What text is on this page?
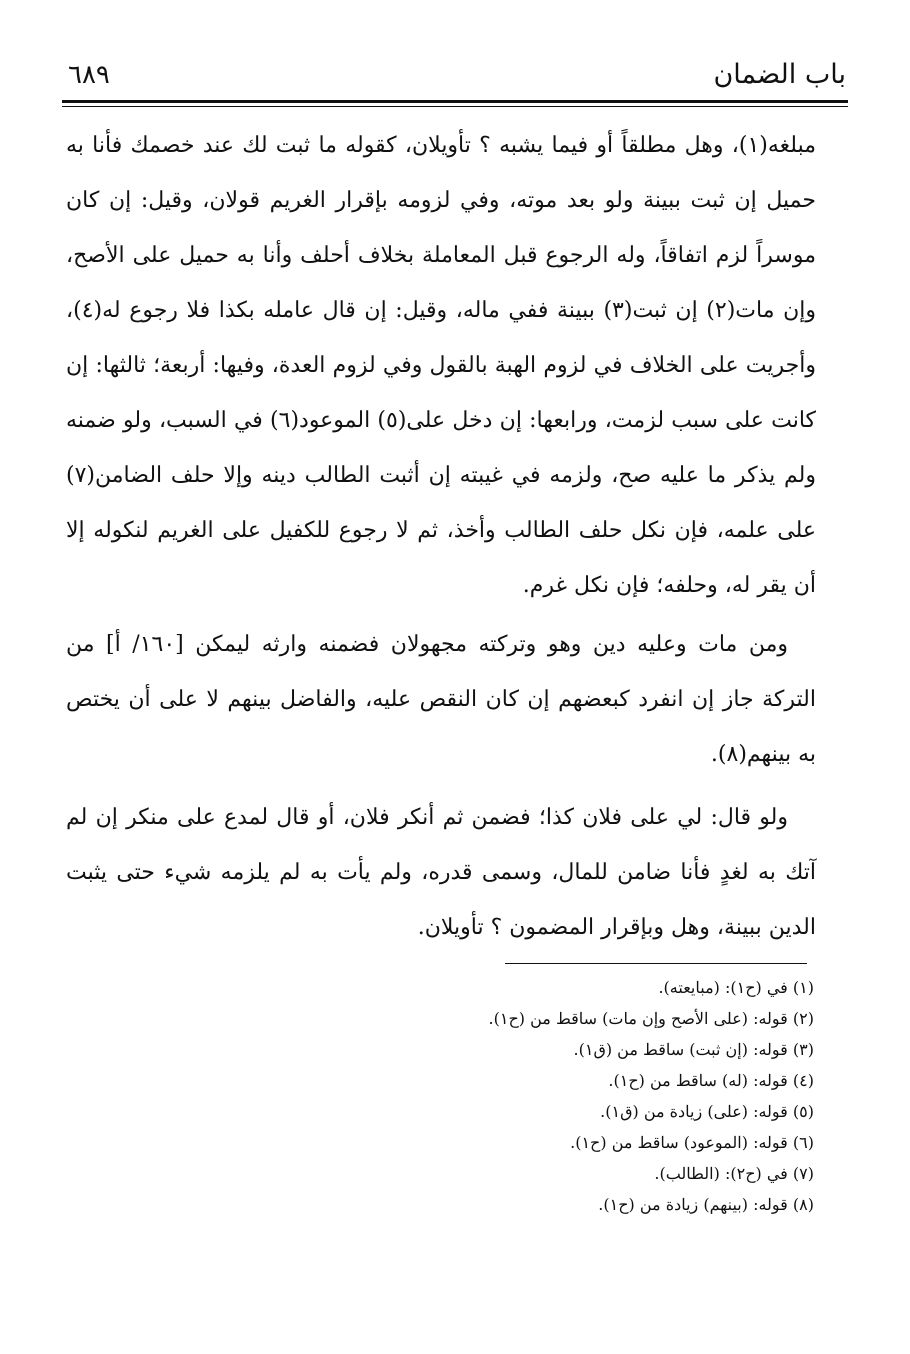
باب الضمان
٦٨٩

مبلغه(١)، وهل مطلقاً أو فيما يشبه ؟ تأويلان، كقوله ما ثبت لك عند خصمك فأنا به حميل إن ثبت ببينة ولو بعد موته، وفي لزومه بإقرار الغريم قولان، وقيل: إن كان موسراً لزم اتفاقاً، وله الرجوع قبل المعاملة بخلاف أحلف وأنا به حميل على الأصح، وإن مات(٢) إن ثبت(٣) ببينة ففي ماله، وقيل: إن قال عامله بكذا فلا رجوع له(٤)، وأجريت على الخلاف في لزوم الهبة بالقول وفي لزوم العدة، وفيها: أربعة؛ ثالثها: إن كانت على سبب لزمت، ورابعها: إن دخل على(٥) الموعود(٦) في السبب، ولو ضمنه ولم يذكر ما عليه صح، ولزمه في غيبته إن أثبت الطالب دينه وإلا حلف الضامن(٧) على علمه، فإن نكل حلف الطالب وأخذ، ثم لا رجوع للكفيل على الغريم لنكوله إلا أن يقر له، وحلفه؛ فإن نكل غرم.

ومن مات وعليه دين وهو وتركته مجهولان فضمنه وارثه ليمكن [١٦٠/ أ] من التركة جاز إن انفرد كبعضهم إن كان النقص عليه، والفاضل بينهم لا على أن يختص به بينهم(٨).

ولو قال: لي على فلان كذا؛ فضمن ثم أنكر فلان، أو قال لمدع على منكر إن لم آتك به لغدٍ فأنا ضامن للمال، وسمى قدره، ولم يأت به لم يلزمه شيء حتى يثبت الدين ببينة، وهل وبإقرار المضمون ؟ تأويلان.

(١) في (ح١): (مبايعته).
(٢) قوله: (على الأصح وإن مات) ساقط من (ح١).
(٣) قوله: (إن ثبت) ساقط من (ق١).
(٤) قوله: (له) ساقط من (ح١).
(٥) قوله: (على) زيادة من (ق١).
(٦) قوله: (الموعود) ساقط من (ح١).
(٧) في (ح٢): (الطالب).
(٨) قوله: (بينهم) زيادة من (ح١).
